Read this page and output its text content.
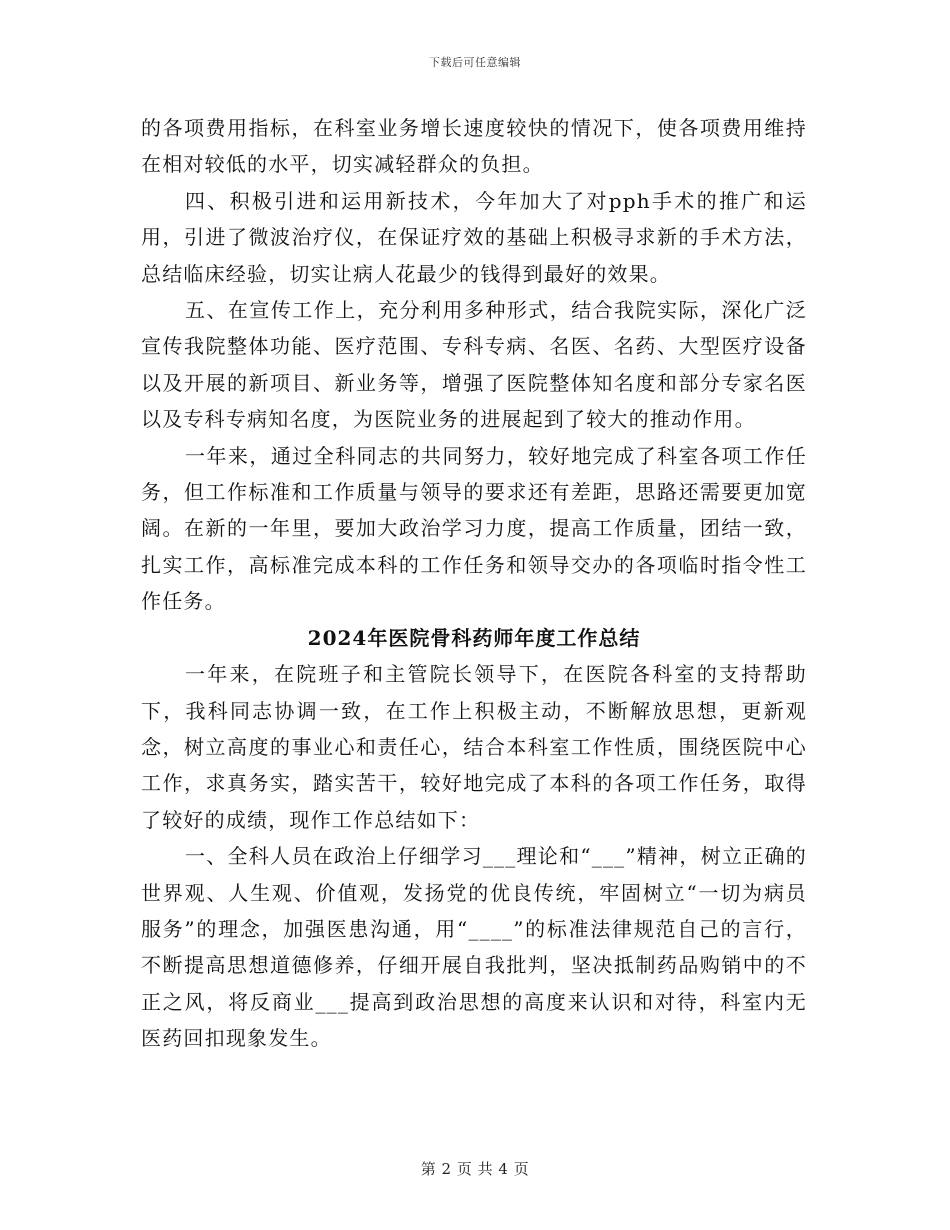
下载后可任意编辑

的各项费用指标，在科室业务增长速度较快的情况下，使各项费用维持在相对较低的水平，切实减轻群众的负担。

四、积极引进和运用新技术，今年加大了对pph手术的推广和运用，引进了微波治疗仪，在保证疗效的基础上积极寻求新的手术方法，总结临床经验，切实让病人花最少的钱得到最好的效果。

五、在宣传工作上，充分利用多种形式，结合我院实际，深化广泛宣传我院整体功能、医疗范围、专科专病、名医、名药、大型医疗设备以及开展的新项目、新业务等，增强了医院整体知名度和部分专家名医以及专科专病知名度，为医院业务的进展起到了较大的推动作用。

一年来，通过全科同志的共同努力，较好地完成了科室各项工作任务，但工作标准和工作质量与领导的要求还有差距，思路还需要更加宽阔。在新的一年里，要加大政治学习力度，提高工作质量，团结一致，扎实工作，高标准完成本科的工作任务和领导交办的各项临时指令性工作任务。

2024年医院骨科药师年度工作总结

一年来，在院班子和主管院长领导下，在医院各科室的支持帮助下，我科同志协调一致，在工作上积极主动，不断解放思想，更新观念，树立高度的事业心和责任心，结合本科室工作性质，围绕医院中心工作，求真务实，踏实苦干，较好地完成了本科的各项工作任务，取得了较好的成绩，现作工作总结如下：

一、全科人员在政治上仔细学习___理论和“___”精神，树立正确的世界观、人生观、价值观，发扬党的优良传统，牢固树立“一切为病员服务”的理念，加强医患沟通，用“____”的标准法律规范自己的言行，不断提高思想道德修养，仔细开展自我批判，坚决抵制药品购销中的不正之风，将反商业___提高到政治思想的高度来认识和对待，科室内无医药回扣现象发生。

第 2 页 共 4 页
